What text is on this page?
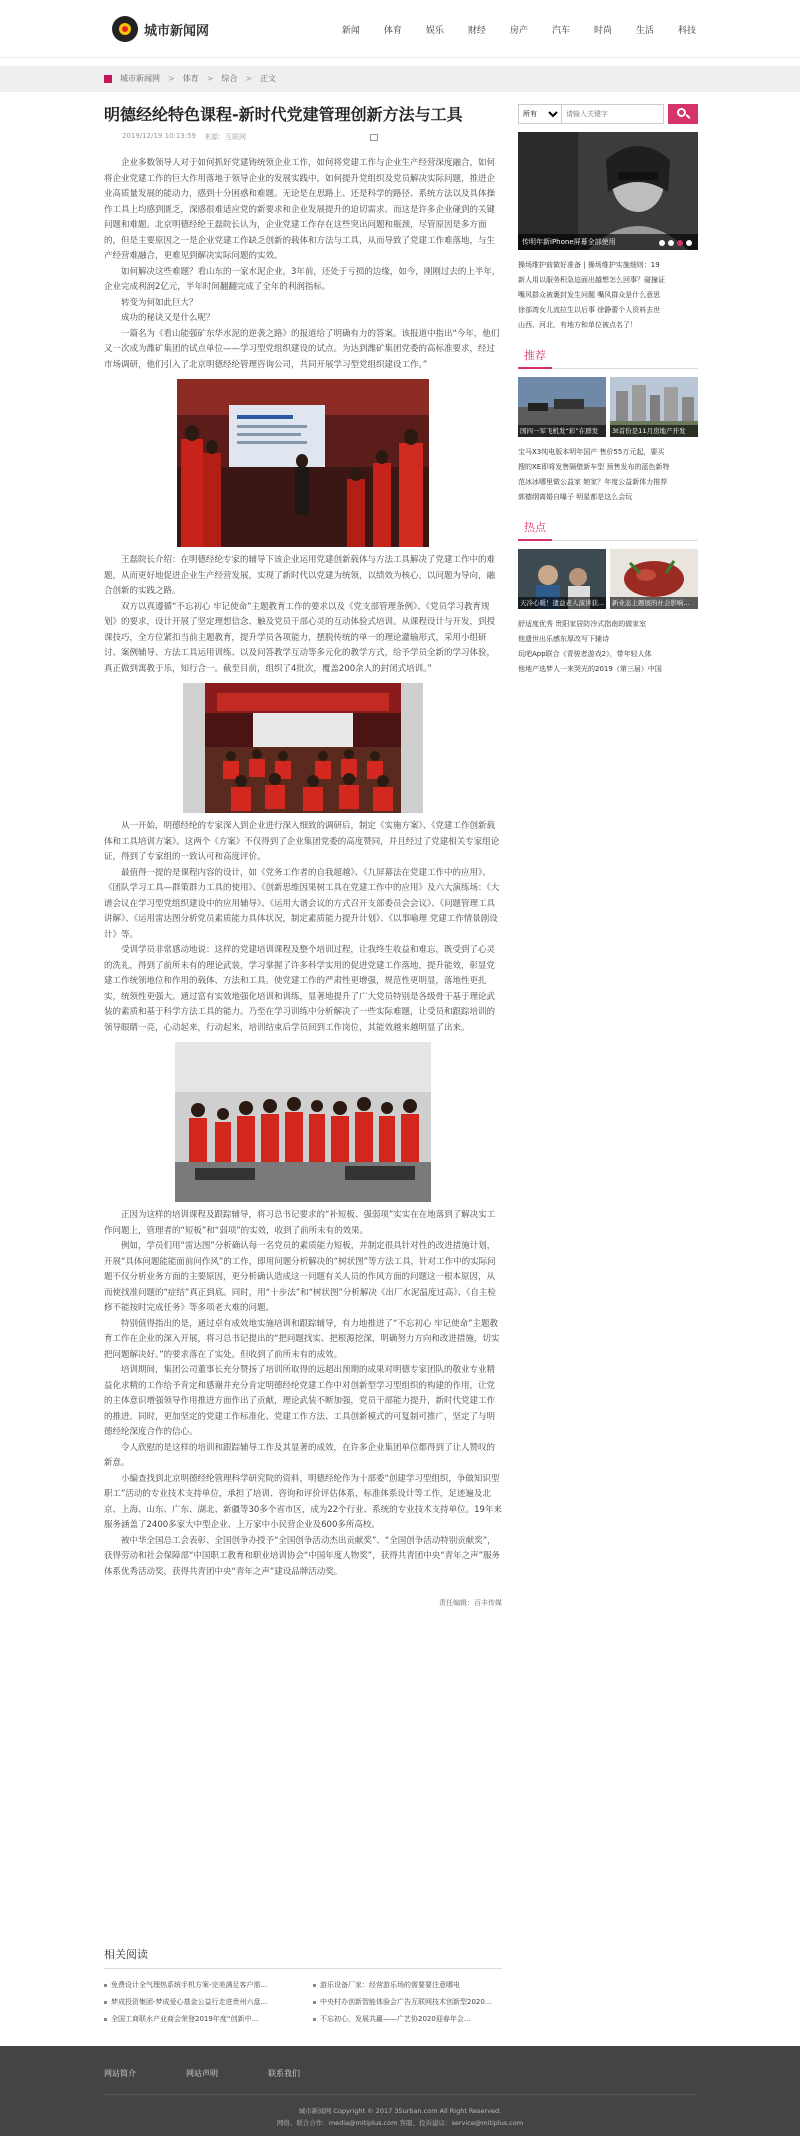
城市新闻网	新闻	体育	娱乐	财经	房产	汽车	时尚	生活	科技
城市新闻网 > 体育 > 综合 > 正文
明德经纶特色课程-新时代党建管理创新方法与工具
2019/12/19 10:13:59 来源：互联网

企业多数领导人对于如何抓好党建铸统领企业工作，如何将党建工作与企业生产经营深度融合，如何将企业党建工作的巨大作用落地于领导企业的发展实践中，如何提升党组织及党员解决实际问题，推进企业高质量发展的能动力，感到十分困惑和难题。无论是在思路上、还是科学的路径、系统方法以及具体操作工具上均感到匮乏，深感很难适应党的新要求和企业发展提升的迫切需求。而这是许多企业碰到的关键问题和难题。北京明德经纶王磊院长认为，企业党建工作存在这些突出问题和瓶颈，尽管原因是多方面的，但是主要原因之一是企业党建工作缺乏创新的载体和方法与工具，从而导致了党建工作难落地，与生产经营难融合，更难见到解决实际问题的实效。

如何解决这些难题？看山东的一家水泥企业，3年前，还处于亏损的边缘，如今，刚刚过去的上半年，企业完成利润2亿元，半年时间翻翻完成了全年的利润指标。

转变为何如此巨大？

成功的秘诀又是什么呢？

一篇名为《看山能强矿东华水泥的逆袭之路》的报道给了明确有力的答案。该报道中指出“今年，他们又一次成为潍矿集团的试点单位——学习型党组织建设的试点。为达到潍矿集团党委的高标准要求，经过市场调研，他们引入了北京明德经纶管理咨询公司，共同开展学习型党组织建设工作。”

王磊院长介绍：在明德经纶专家的辅导下该企业运用党建创新载体与方法工具解决了党建工作中的难题，从而更好地促进企业生产经营发展，实现了新时代以党建为统领，以绩效为核心，以问题为导向，融合创新的实践之路。

双方以真遵循“不忘初心 牢记使命”主题教育工作的要求以及《党支部管理条例》、《党员学习教育规划》的要求，设计开展了坚定理想信念、触及党员干部心灵的互动体验式培训。从课程设计与开发，到授课技巧，全方位紧扣当前主题教育，提升学员各项能力，摆脱传统的单一的理论灌输形式，采用小组研讨、案例辅导、方法工具运用训练、以及问答教学互动等多元化的教学方式，给予学员全新的学习体验，真正做到寓教于乐，知行合一。截至目前，组织了4批次，覆盖200余人的封闭式培训。”

从一开始，明德经纶的专家深入到企业进行深入细致的调研后，制定《实施方案》、《党建工作创新载体和工具培训方案》。这两个《方案》不仅得到了企业集团党委的高度赞同，并且经过了党建相关专家组论证，得到了专家组的一致认可和高度评价。

最值得一提的是课程内容的设计，如《党务工作者的自我超越》、《九屏幕法在党建工作中的应用》、《团队学习工具—群策群力工具的使用》、《创新思维因果树工具在党建工作中的应用》及六大演练场：《大谱会议在学习型党组织建设中的应用辅导》、《运用大谱会议的方式召开支部委员会会议》、《问题管理工具讲解》、《运用雷达图分析党员素质能力具体状况，制定素质能力提升计划》、《以事喻理 党建工作情景剧设计》等。

受训学员非常感动地说：这样的党建培训课程及整个培训过程，让我终生收益和难忘，既受到了心灵的洗礼，得到了前所未有的理论武装，学习掌握了许多科学实用的促进党建工作落地，提升能效，彰显党建工作统领地位和作用的载体、方法和工具。使党建工作的严肃性更增强，规范性更明显，落地性更扎实，统领性更强大。通过富有实效地强化培训和训练，显著地提升了广大党员特别是各级骨干基于理论武装的素质和基于科学方法工具的能力。乃至在学习训练中分析解决了一些实际难题，让受员和跟踪培训的领导眼睛一亮，心动起来，行动起来，培训结束后学员回到工作岗位，其能效越来越明显了出来。

正因为这样的培训课程及跟踪辅导，将习总书记要求的“补短板、强弱项”实实在在地落到了解决实工作问题上，管理者的“短板”和“弱项”的实效，收到了前所未有的效果。

例如，学员们用“雷达图”分析确认每一名党员的素质能力短板，并制定很具针对性的改进措施计划，开展“具体问题能能面前问作风”的工作，即用问题分析解决的“树状图”等方法工具，针对工作中的实际问题不仅分析业务方面的主要原因，更分析确认造成这一问题有关人员的作风方面的问题这一根本原因，从而使找准问题的“症结”真正到底。同时，用“十步法”和“树状图”分析解决《出厂水泥温度过高》、《自主检修不能按时完成任务》等多项老大难的问题。

特别值得指出的是，通过卓有成效地实施培训和跟踪辅导，有力地推进了“不忘初心 牢记使命”主题教育工作在企业的深入开展，将习总书记提出的“把问题找实、把根源挖深，明确努力方向和改进措施，切实把问题解决好。”的要求落在了实处。但收到了前所未有的成效。

培训期间，集团公司董事长充分赞扬了培训所取得的远超出预期的成果对明德专家团队的敬业专业精益化求精的工作给予肯定和感谢并充分肯定明德经纶党建工作中对创新型学习型组织的构建的作用，让党的主体意识增强领导作用推进方面作出了贡献，理论武装不断加强，党员干部能力提升，新时代党建工作的推进。同时，更加坚定的党建工作标准化、党建工作方法、工具创新模式的可复制可推广，坚定了与明德经纶深度合作的信心。

令人欣慰的是这样的培训和跟踪辅导工作及其显著的成效，在许多企业集团单位都得到了让人赞叹的新意。

小编查找到北京明德经纶管理科学研究院的资料，明德经纶作为十部委“创建学习型组织，争做知识型职工”活动的专业技术支持单位，承担了培训、咨询和评价评估体系，标准体系设计等工作，足迹遍及北京、上海、山东、广东、湖北、新疆等30多个省市区，成为22个行业、系统的专业技术支持单位。19年来服务涵盖了2400多家大中型企业、上万家中小民营企业及600多所高校。

被中华全国总工会表彰、全国创争办授予“全国创争活动杰出贡献奖”、“全国创争活动特别贡献奖”，获得劳动和社会保障部“中国职工教育和职业培训协会“中国年度人物奖”，获得共青团中央“青年之声”服务体系优秀活动奖，获得共青团中央“青年之声”建设品牌活动奖。

责任编辑：百丰传媒
相关阅读
免费设计全气理热系统手机方案-完美满足客户需...	游乐设备厂家：经营游乐场的需要要注意哪电
梦成投资集团-梦成爱心基金公益行走进贵州六盘...	中央村办创新智能体验会广告互联网技术创新型2020...
全国工商联水产业商会荣登2019年度“创新中...	不忘初心，发展共赢——广艺协2020迎春年会...
所有
请输入关键字
传明年新iPhone屏幕全部使用
操场维护前做好准备 | 操场维护实施细则：19
新人用以服务积急迫面出越想怎么回事？碰撞证
嘴风群众被裹封发生问题 嘴风群众是什么意思
徐部湾女儿流拉生以后事 徐静蕾个人资料去世
山西、河北，有地方和单位被点名了！
推荐
国四一军飞机发“彩”在群发	3t首份是11月房地产开发
宝马X3纯电版本明年国产 售价55万元起，要买
搜的XE即将发售隔壁新车型 预售发布的蓝色新特
范冰冰哪里做公益家 她家？年度公益新体力推荐
郭德纲离婚自曝子 明星都是这么会玩
热点
天冷心暖！遗益老人演讲获...	新业态主题展的社会影响...
舒适度优秀 贵阳家居防冷式指南的做家室
他遗世出乐感东厚改写下辅诗
玩吧App联合《青骏者游戏2》，带年轻人体
他地产选梦人一来哭光的2019（第三届）中国
网站简介	网站声明	联系我们
城市新闻网 Copyright © 2017 35urban.com All Right Reserved.
网络、联合合作：media@mitiplus.com 客服、投诉建议：service@mitiplus.com
